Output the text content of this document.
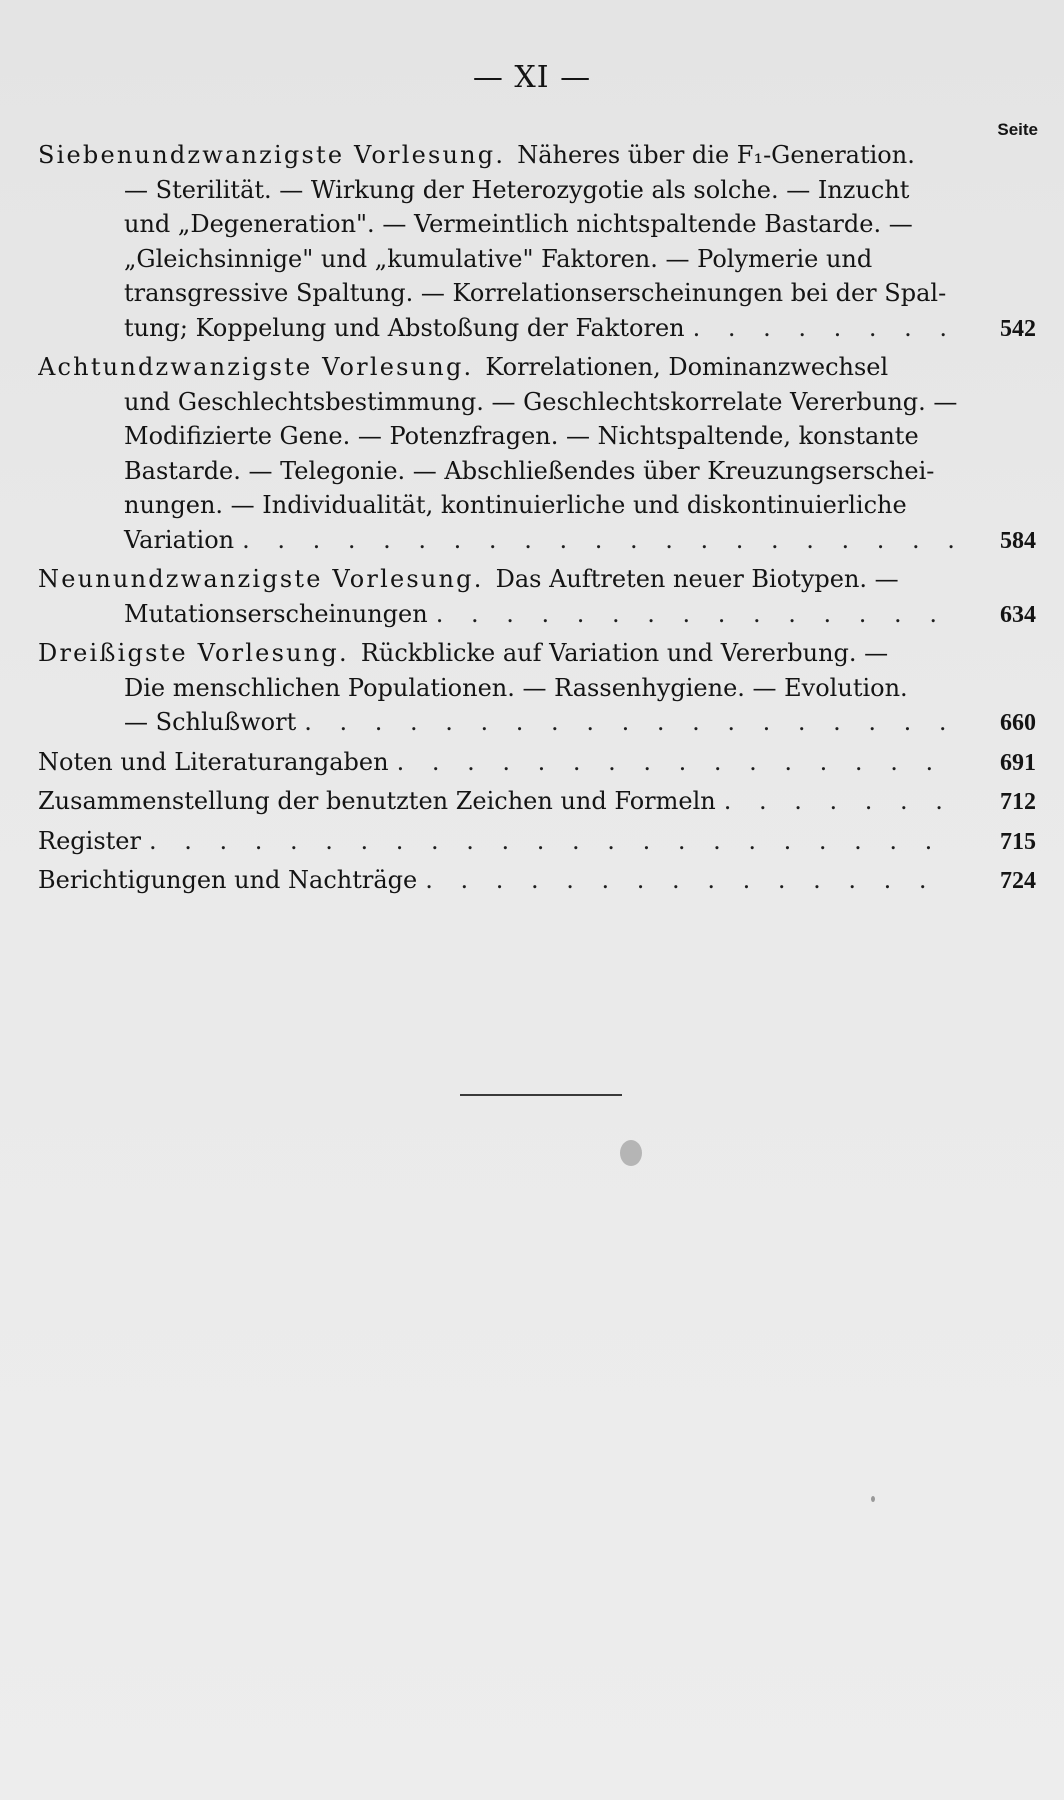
— XI —
Seite
Siebenundzwanzigste Vorlesung. Näheres über die F₁-Generation.
— Sterilität. — Wirkung der Heterozygotie als solche. — Inzucht
und „Degeneration". — Vermeintlich nichtspaltende Bastarde. —
„Gleichsinnige" und „kumulative" Faktoren. — Polymerie und
transgressive Spaltung. — Korrelationserscheinungen bei der Spal-
tung; Koppelung und Abstoßung der Faktoren . . .	542
Achtundzwanzigste Vorlesung. Korrelationen, Dominanzwechsel
und Geschlechtsbestimmung. — Geschlechtskorrelate Vererbung. —
Modifizierte Gene. — Potenzfragen. — Nichtspaltende, konstante
Bastarde. — Telegonie. — Abschließendes über Kreuzungserschei-
nungen. — Individualität, kontinuierliche und diskontinuierliche
Variation . . .	584
Neunundzwanzigste Vorlesung. Das Auftreten neuer Biotypen. —
Mutationserscheinungen . . .	634
Dreißigste Vorlesung. Rückblicke auf Variation und Vererbung. —
Die menschlichen Populationen. — Rassenhygiene. — Evolution.
— Schlußwort . . .	660
Noten und Literaturangaben . . .	691
Zusammenstellung der benutzten Zeichen und Formeln . . .	712
Register . . .	715
Berichtigungen und Nachträge . . .	724
